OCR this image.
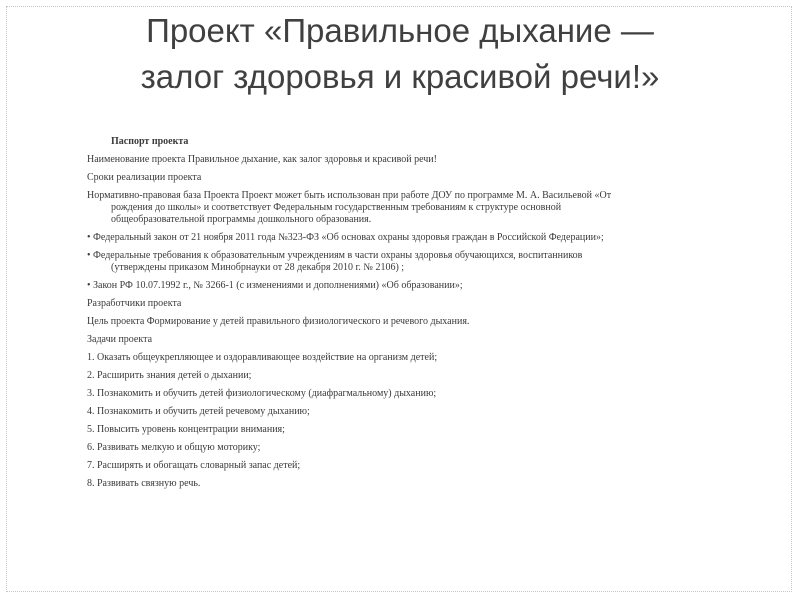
Проект «Правильное дыхание —
залог здоровья и красивой речи!»

Паспорт проекта

Наименование проекта Правильное дыхание, как залог здоровья и красивой речи!

Сроки реализации проекта

Нормативно-правовая база Проекта Проект может быть использован при работе ДОУ по программе М. А. Васильевой «От
рождения до школы» и соответствует Федеральным государственным требованиям к структуре основной
общеобразовательной программы дошкольного образования.

• Федеральный закон от 21 ноября 2011 года №323-ФЗ «Об основах охраны здоровья граждан в Российской Федерации»;

• Федеральные требования к образовательным учреждениям в части охраны здоровья обучающихся, воспитанников
(утверждены приказом Минобрнауки от 28 декабря 2010 г. № 2106) ;

• Закон РФ 10.07.1992 г., № 3266-1 (с изменениями и дополнениями) «Об образовании»;

Разработчики проекта

Цель проекта Формирование у детей правильного физиологического и речевого дыхания.

Задачи проекта

1. Оказать общеукрепляющее и оздоравливающее воздействие на организм детей;

2. Расширить знания детей о дыхании;

3. Познакомить и обучить детей физиологическому (диафрагмальному) дыханию;

4. Познакомить и обучить детей речевому дыханию;

5. Повысить уровень концентрации внимания;

6. Развивать мелкую и общую моторику;

7. Расширять и обогащать словарный запас детей;

8. Развивать связную речь.
